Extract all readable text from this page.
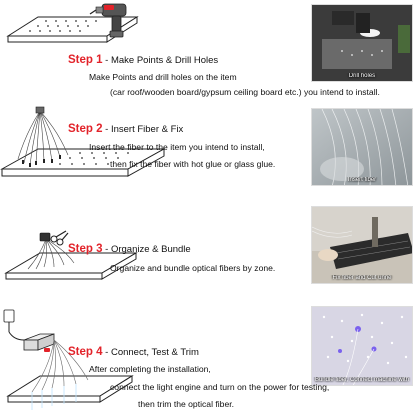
Drill holes
Step 1 - Make Points & Drill Holes
Make Points and drill holes on the item
(car roof/wooden board/gypsum ceiling board etc.) you intend to install.
Insert fiber
Step 2 - Insert Fiber & Fix
Insert the fiber to the item you intend to install,
then fix the fiber with hot glue or glass glue.
Fix fiber and Cut unne
Step 3 - Organize & Bundle
Organize and bundle optical fibers by zone.
Bundle fiber, Connect machine with
Step 4 - Connect, Test & Trim
After completing the installation,
connect the light engine and turn on the power for testing,
then trim the optical fiber.
